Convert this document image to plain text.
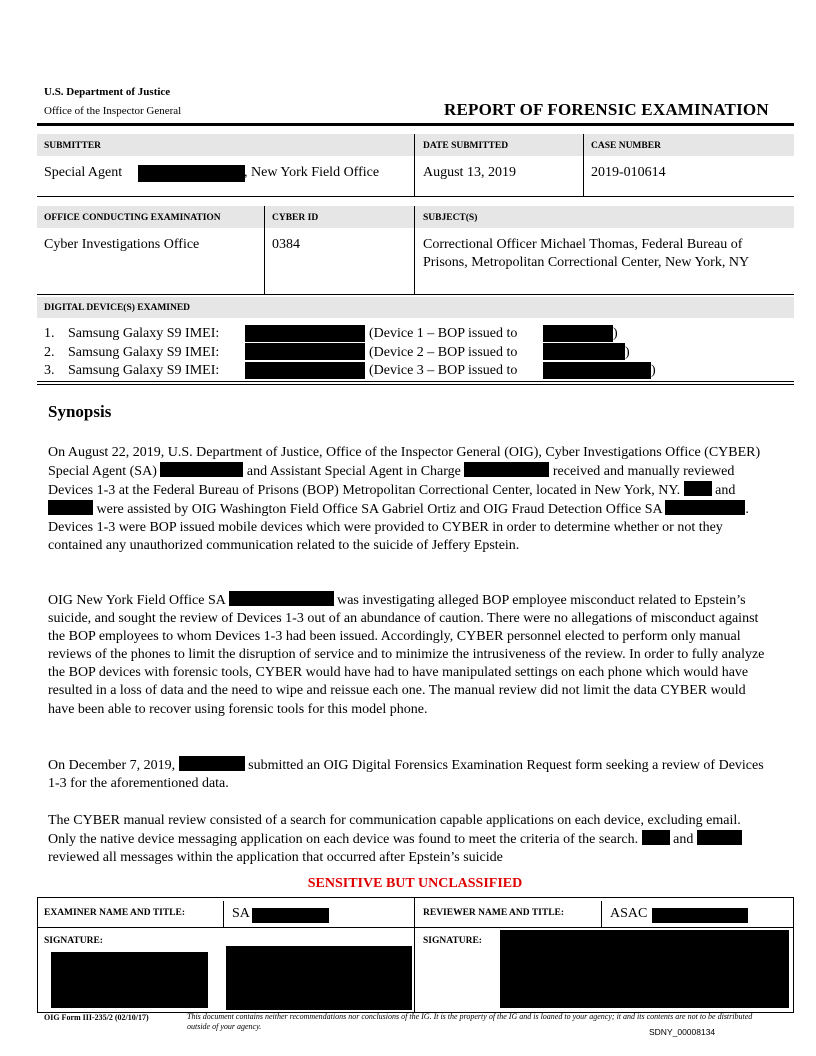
U.S. Department of Justice
Office of the Inspector General	REPORT OF FORENSIC EXAMINATION
SUBMITTER	DATE SUBMITTED	CASE NUMBER
Special Agent	, New York Field Office	August 13, 2019	2019-010614
OFFICE CONDUCTING EXAMINATION	CYBER ID	SUBJECT(S)
Cyber Investigations Office	0384	Correctional Officer Michael Thomas, Federal Bureau of Prisons, Metropolitan Correctional Center, New York, NY
DIGITAL DEVICE(S) EXAMINED
1. Samsung Galaxy S9 IMEI:	(Device 1 – BOP issued to	)
2. Samsung Galaxy S9 IMEI:	(Device 2 – BOP issued to	)
3. Samsung Galaxy S9 IMEI:	(Device 3 – BOP issued to	)
Synopsis

On August 22, 2019, U.S. Department of Justice, Office of the Inspector General (OIG), Cyber Investigations Office (CYBER) Special Agent (SA)	and Assistant Special Agent in Charge	received and manually reviewed Devices 1-3 at the Federal Bureau of Prisons (BOP) Metropolitan Correctional Center, located in New York, NY.	and  were assisted by OIG Washington Field Office SA Gabriel Ortiz and OIG Fraud Detection Office SA	. Devices 1-3 were BOP issued mobile devices which were provided to CYBER in order to determine whether or not they contained any unauthorized communication related to the suicide of Jeffery Epstein.

OIG New York Field Office SA	was investigating alleged BOP employee misconduct related to Epstein’s suicide, and sought the review of Devices 1-3 out of an abundance of caution. There were no allegations of misconduct against the BOP employees to whom Devices 1-3 had been issued. Accordingly, CYBER personnel elected to perform only manual reviews of the phones to limit the disruption of service and to minimize the intrusiveness of the review. In order to fully analyze the BOP devices with forensic tools, CYBER would have had to have manipulated settings on each phone which would have resulted in a loss of data and the need to wipe and reissue each one. The manual review did not limit the data CYBER would have been able to recover using forensic tools for this model phone.

On December 7, 2019,	submitted an OIG Digital Forensics Examination Request form seeking a review of Devices 1-3 for the aforementioned data.

The CYBER manual review consisted of a search for communication capable applications on each device, excluding email. Only the native device messaging application on each device was found to meet the criteria of the search.	and  reviewed all messages within the application that occurred after Epstein’s suicide

SENSITIVE BUT UNCLASSIFIED
EXAMINER NAME AND TITLE:	SA	REVIEWER NAME AND TITLE:	ASAC
SIGNATURE:	SIGNATURE:
OIG Form III-235/2 (02/10/17)	This document contains neither recommendations nor conclusions of the IG. It is the property of the IG and is loaned to your agency; it and its contents are not to be distributed outside of your agency.
SDNY_00008134
